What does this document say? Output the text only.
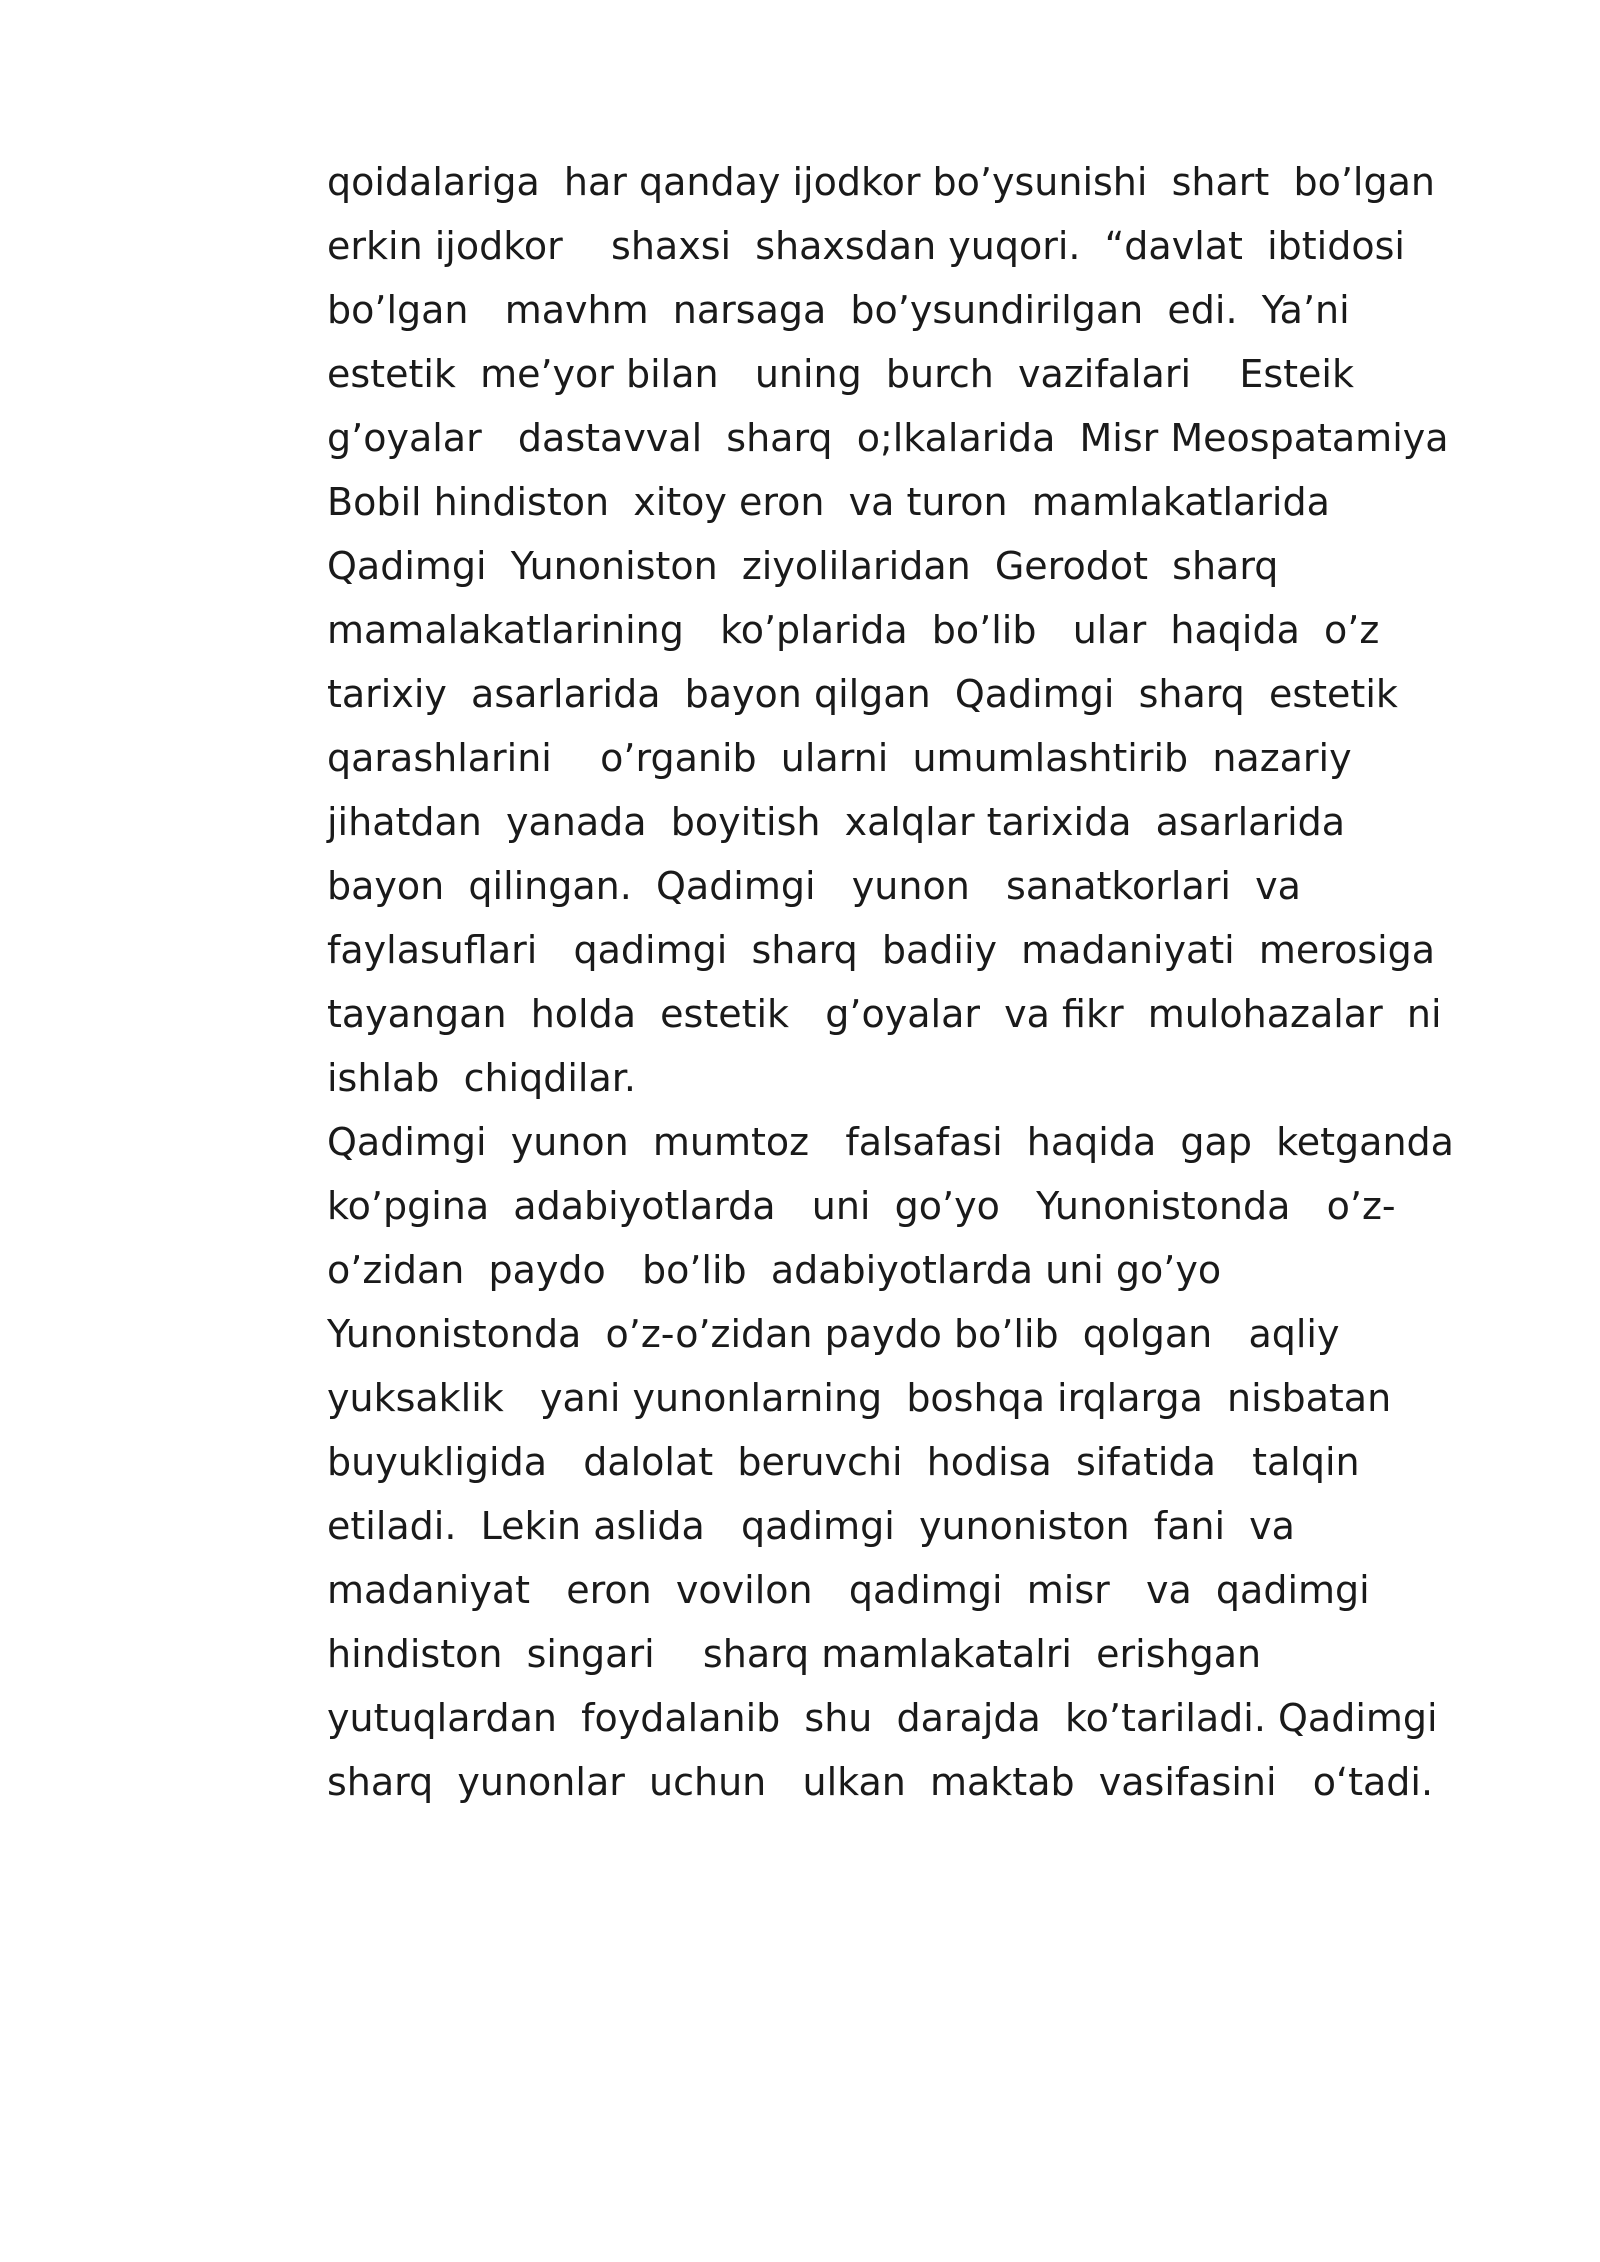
qoidalariga  har qanday ijodkor bo’ysunishi  shart  bo’lgan
erkin ijodkor    shaxsi  shaxsdan yuqori.  “davlat  ibtidosi
bo’lgan   mavhm  narsaga  bo’ysundirilgan  edi.  Ya’ni
estetik  me’yor bilan   uning  burch  vazifalari    Esteik
g’oyalar   dastavval  sharq  o;lkalarida  Misr Meospatamiya
Bobil hindiston  xitoy eron  va turon  mamlakatlarida
Qadimgi  Yunoniston  ziyolilaridan  Gerodot  sharq
mamalakatlarining   ko’plarida  bo’lib   ular  haqida  o’z
tarixiy  asarlarida  bayon qilgan  Qadimgi  sharq  estetik
qarashlarini    o’rganib  ularni  umumlashtirib  nazariy
jihatdan  yanada  boyitish  xalqlar tarixida  asarlarida
bayon  qilingan.  Qadimgi   yunon   sanatkorlari  va
faylasuflari   qadimgi  sharq  badiiy  madaniyati  merosiga
tayangan  holda  estetik   g’oyalar  va fikr  mulohazalar  ni
ishlab  chiqdilar.
Qadimgi  yunon  mumtoz   falsafasi  haqida  gap  ketganda
ko’pgina  adabiyotlarda   uni  go’yo   Yunonistonda   o’z-
o’zidan  paydo   bo’lib  adabiyotlarda uni go’yo
Yunonistonda  o’z-o’zidan paydo bo’lib  qolgan   aqliy
yuksaklik   yani yunonlarning  boshqa irqlarga  nisbatan
buyukligida   dalolat  beruvchi  hodisa  sifatida   talqin
etiladi.  Lekin aslida   qadimgi  yunoniston  fani  va
madaniyat   eron  vovilon   qadimgi  misr   va  qadimgi
hindiston  singari    sharq mamlakatalri  erishgan
yutuqlardan  foydalanib  shu  darajda  ko’tariladi. Qadimgi
sharq  yunonlar  uchun   ulkan  maktab  vasifasini   o‘tadi.
